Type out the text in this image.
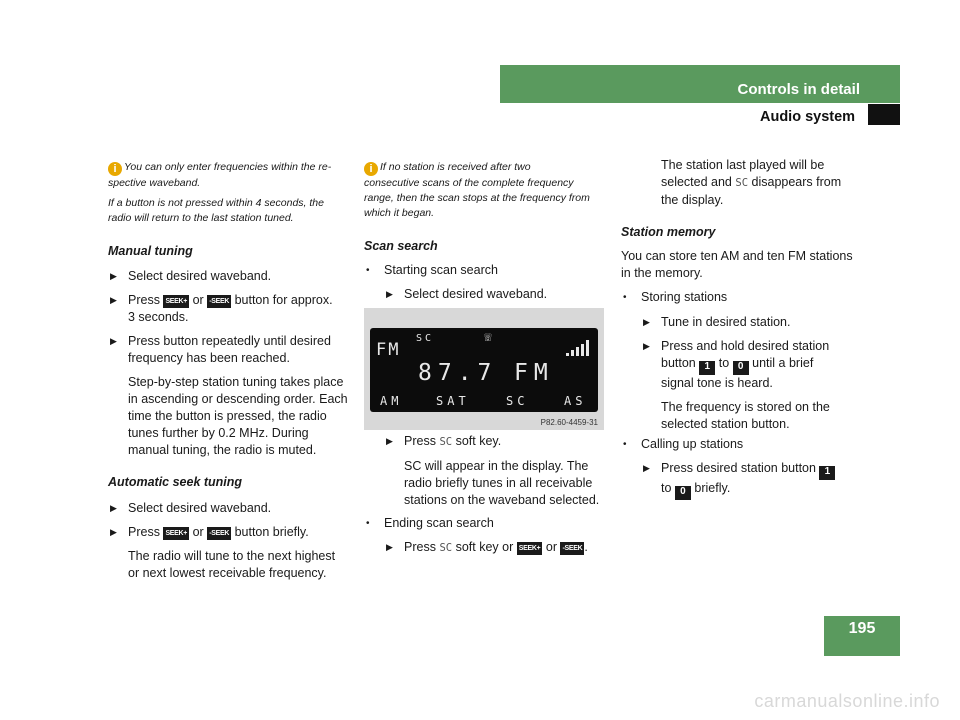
Controls in detail
Audio system
i You can only enter frequencies within the re-
spective waveband.
If a button is not pressed within 4 seconds, the
radio will return to the last station tuned.
Manual tuning
▶ Select desired waveband.
▶ Press SEEK+ or -SEEK button for approx.
3 seconds.
▶ Press button repeatedly until desired
frequency has been reached.
Step-by-step station tuning takes place
in ascending or descending order. Each
time the button is pressed, the radio
tunes further by 0.2 MHz. During
manual tuning, the radio is muted.
Automatic seek tuning
▶ Select desired waveband.
▶ Press SEEK+ or -SEEK button briefly.
The radio will tune to the next highest
or next lowest receivable frequency.
i If no station is received after two
consecutive scans of the complete frequency
range, then the scan stops at the frequency from
which it began.
Scan search
• Starting scan search
▶ Select desired waveband.
SC	☏
FM
87.7 FM
AM	SAT	SC	AS
P82.60-4459-31
▶ Press SC soft key.
SC will appear in the display. The
radio briefly tunes in all receivable
stations on the waveband selected.
• Ending scan search
▶ Press SC soft key or SEEK+ or -SEEK .
The station last played will be
selected and SC disappears from
the display.
Station memory
You can store ten AM and ten FM stations
in the memory.
• Storing stations
▶ Tune in desired station.
▶ Press and hold desired station
button 1 to 0 until a brief
signal tone is heard.
The frequency is stored on the
selected station button.
• Calling up stations
▶ Press desired station button 1
to 0 briefly.
195
carmanualsonline.info
